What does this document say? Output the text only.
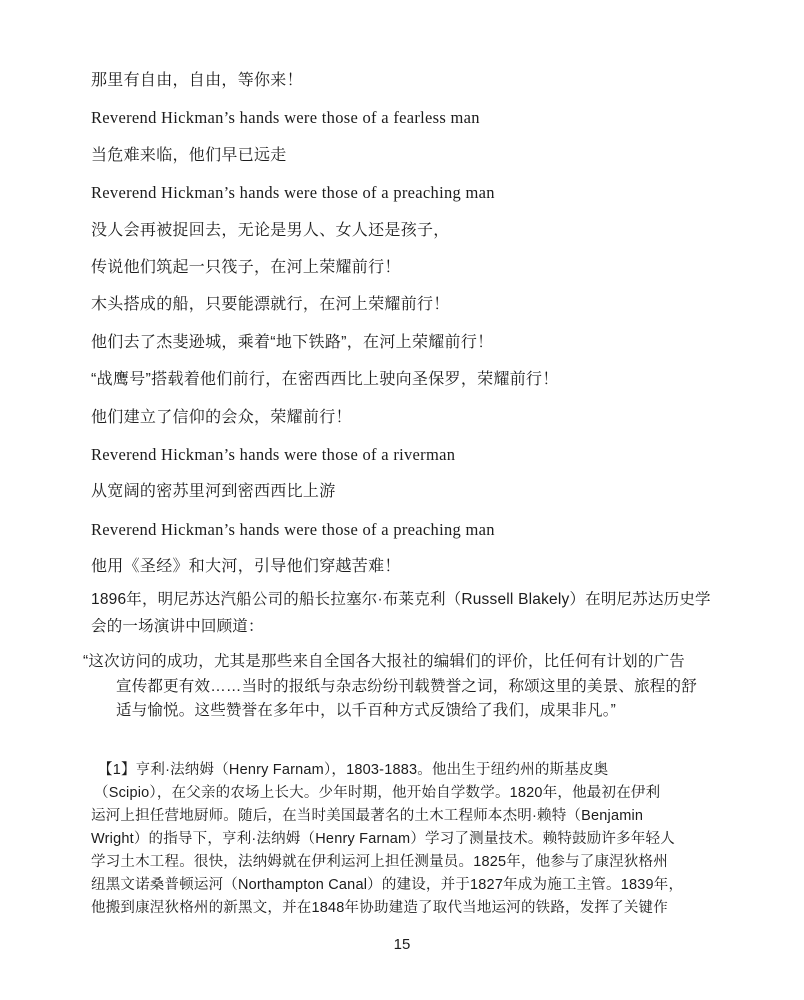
那里有自由，自由，等你来！
Reverend Hickman’s hands were those of a fearless man
当危难来临，他们早已远走
Reverend Hickman’s hands were those of a preaching man
没人会再被捉回去，无论是男人、女人还是孩子，
传说他们筑起一只筏子，在河上荣耀前行！
木头搭成的船，只要能漂就行，在河上荣耀前行！
他们去了杰斐逊城，乘着“地下铁路”，在河上荣耀前行！
“战鹰号”搭载着他们前行，在密西西比上驶向圣保罗，荣耀前行！
他们建立了信仰的会众，荣耀前行！
Reverend Hickman’s hands were those of a riverman
从宽阔的密苏里河到密西西比上游
Reverend Hickman’s hands were those of a preaching man
他用《圣经》和大河，引导他们穿越苦难！
1896年，明尼苏达汽船公司的船长拉塞尔·布莱克利（Russell Blakely）在明尼苏达历史学
会的一场演讲中回顾道：
“这次访问的成功，尤其是那些来自全国各大报社的编辑们的评价，比任何有计划的广告
宣传都更有效……当时的报纸与杂志纷纷刊载赞誉之词，称颂这里的美景、旅程的舒
适与愉悦。这些赞誉在多年中，以千百种方式反馈给了我们，成果非凡。”
【1】亨利·法纳姆（Henry Farnam），1803-1883。他出生于纽约州的斯基皮奥
（Scipio），在父亲的农场上长大。少年时期，他开始自学数学。1820年，他最初在伊利
运河上担任营地厨师。随后，在当时美国最著名的土木工程师本杰明·赖特（Benjamin
Wright）的指导下，亨利·法纳姆（Henry Farnam）学习了测量技术。赖特鼓励许多年轻人
学习土木工程。很快，法纳姆就在伊利运河上担任测量员。1825年，他参与了康涅狄格州
纽黑文诺桑普顿运河（Northampton Canal）的建设，并于1827年成为施工主管。1839年，
他搬到康涅狄格州的新黑文，并在1848年协助建造了取代当地运河的铁路，发挥了关键作
15
